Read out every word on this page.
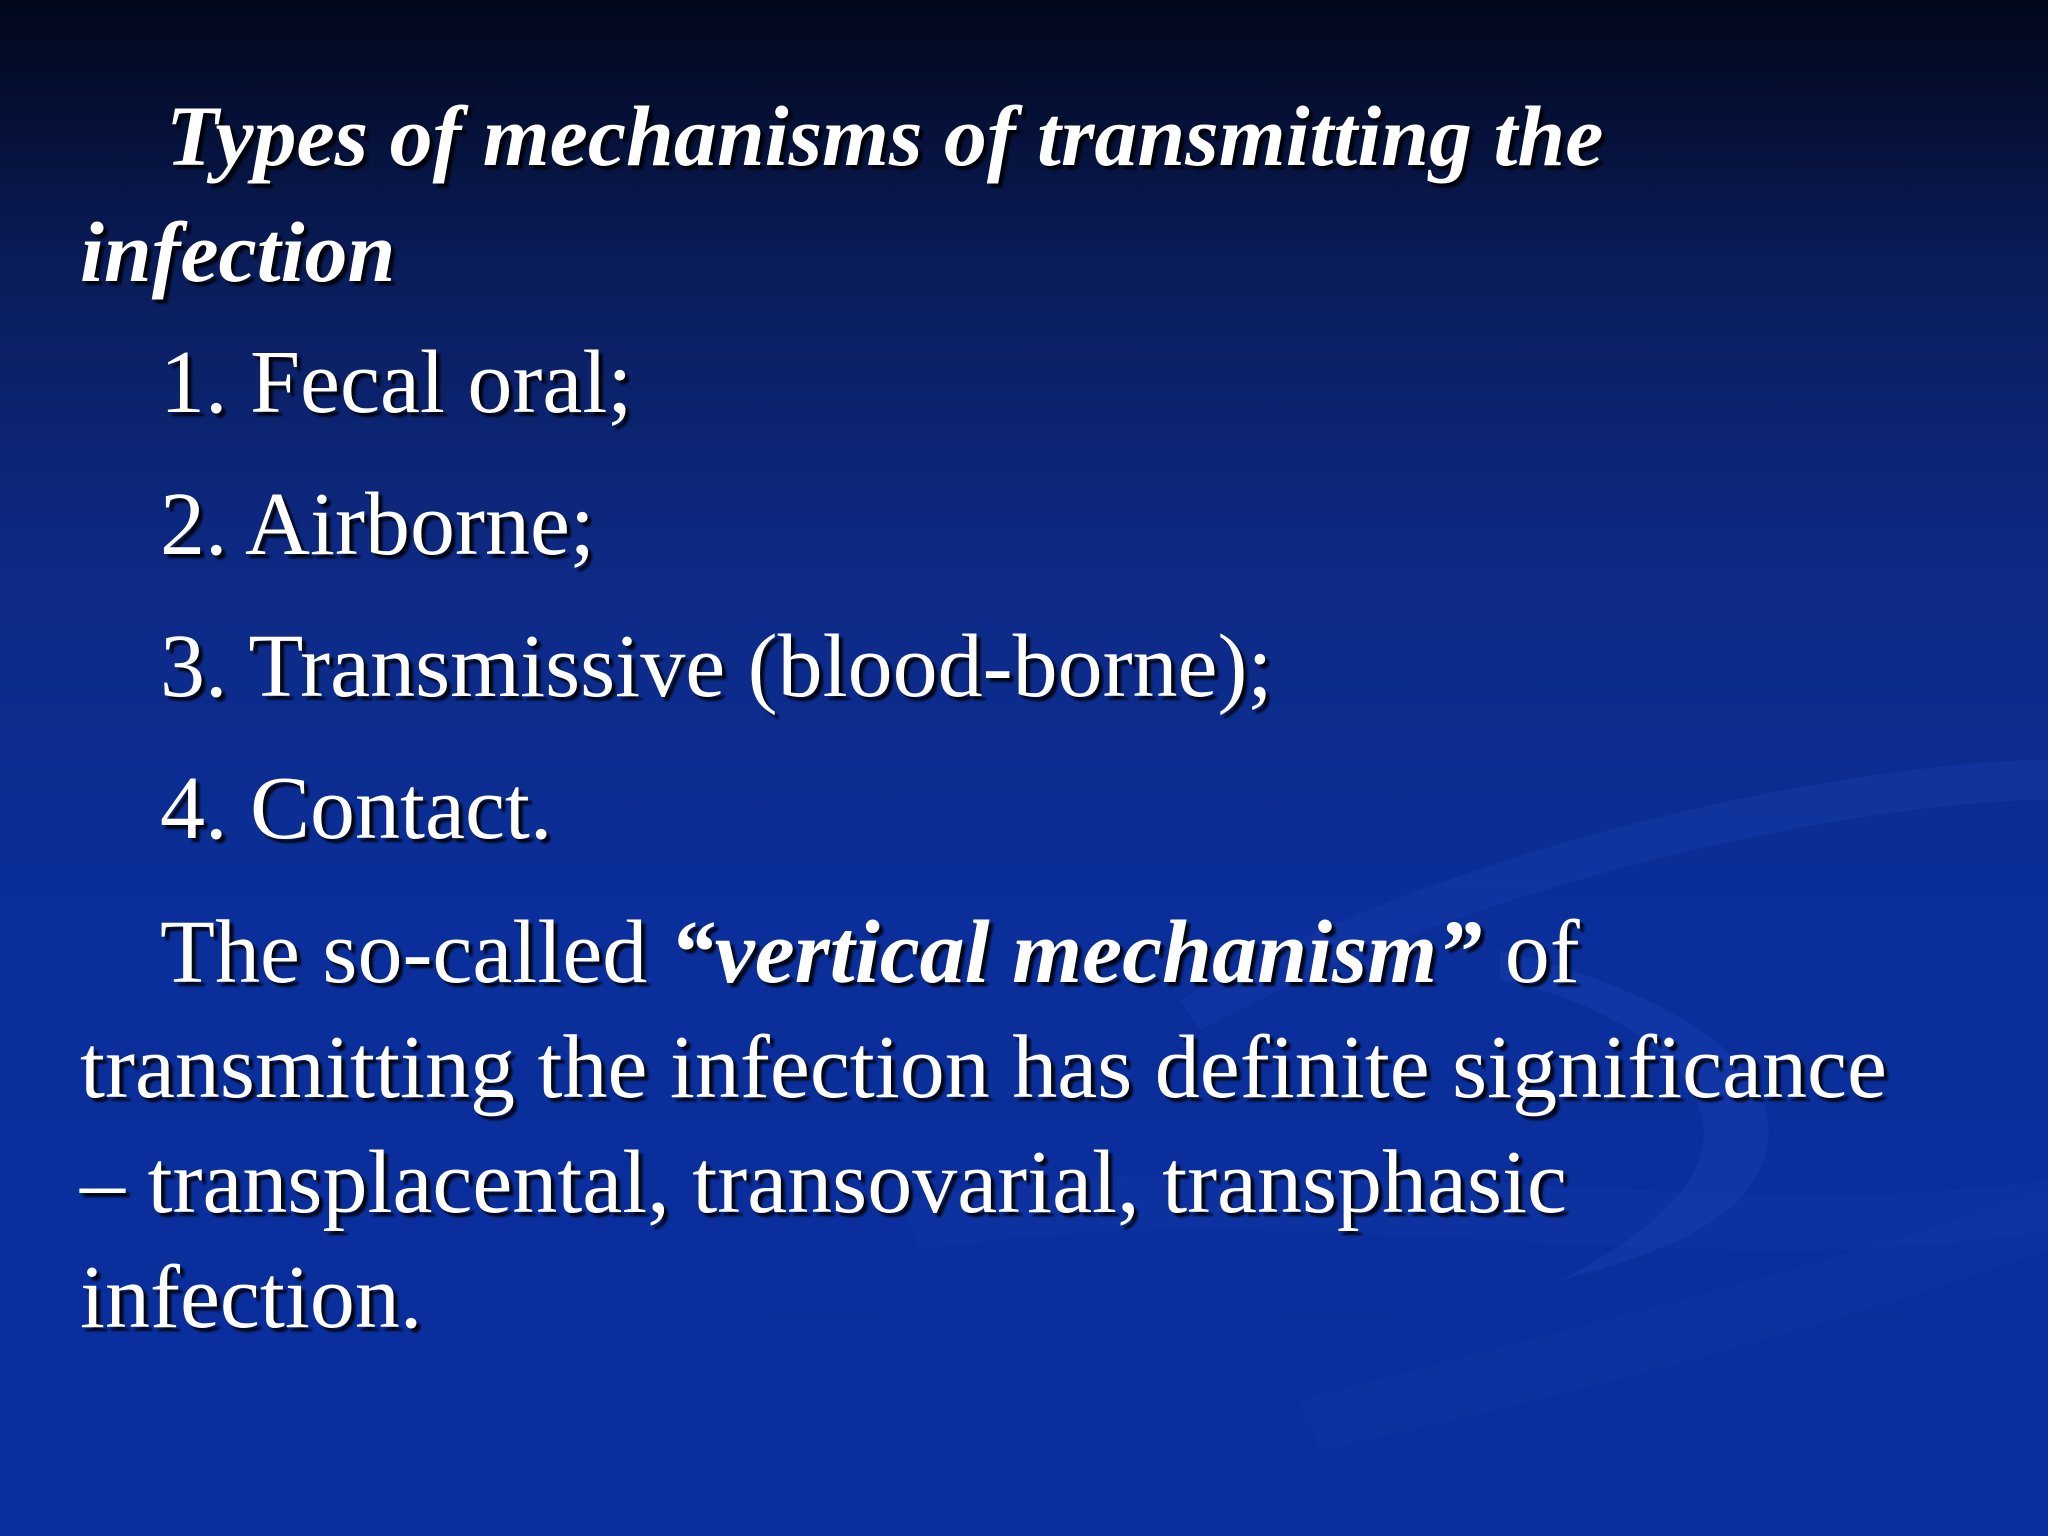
Types of mechanisms of transmitting the infection
1. Fecal oral;
2. Airborne;
3. Transmissive (blood-borne);
4. Contact.
The so-called “vertical mechanism” of transmitting the infection has definite significance – transplacental, transovarial, transphasic infection.
